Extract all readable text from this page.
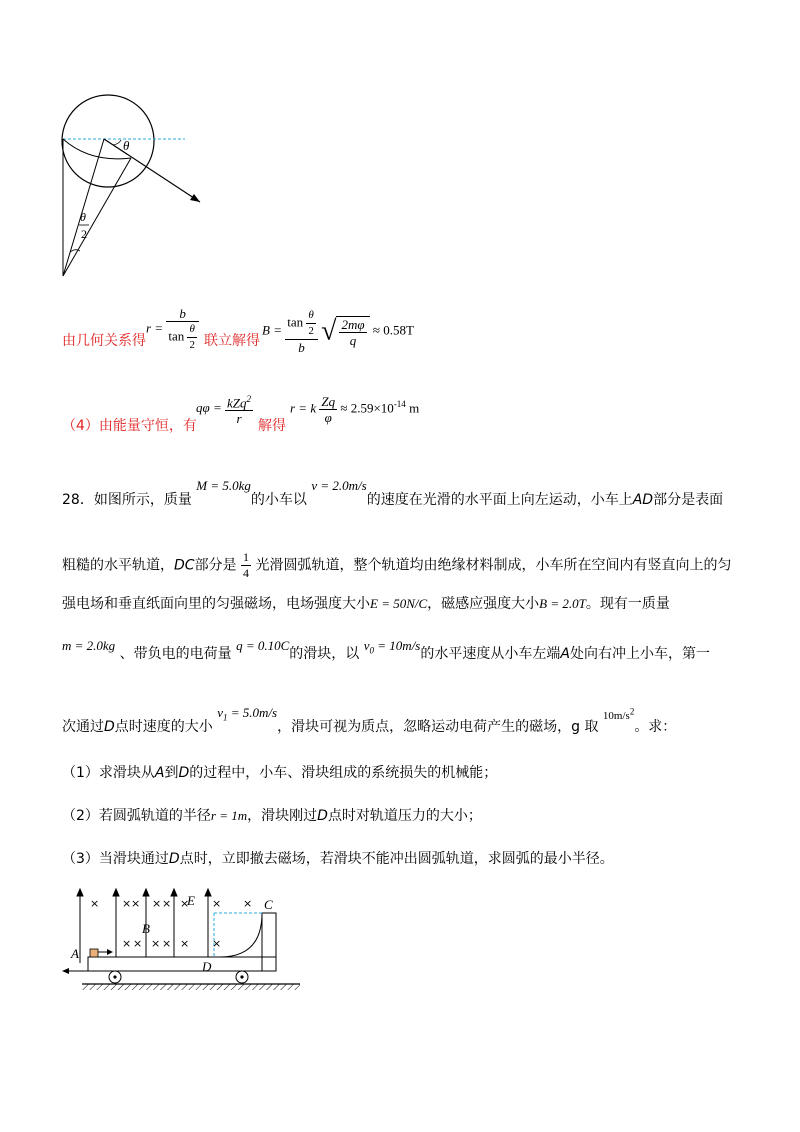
θ
θ
2
由几何关系得
$r = \frac{b}{\tan \frac{\theta}{2}}$ 联立解得
$B = \frac{\tan \frac{\theta}{2}}{b}$ √ $\frac{2m\varphi}{q} \approx 0.58T$
（4）由能量守恒，有
$q\varphi = \frac{kZq^2}{r}$ 解得
r = k $\frac{Zq}{\varphi} \approx 2.59\times 10^{-14}$ m
28．如图所示，质量 M = 5.0kg的小车以 v = 2.0m/s的速度在光滑的水平面上向左运动，小车上AD部分是表面
粗糙的水平轨道，DC部分是 $\frac{1}{4}$ 光滑圆弧轨道，整个轨道均由绝缘材料制成，小车所在空间内有竖直向上的匀
强电场和垂直纸面向里的匀强磁场，电场强度大小E = 50N/C，磁感应强度大小B = 2.0T。现有一质量
m = 2.0kg 、带负电的电荷量 q = 0.10C的滑块，以 $v_0 = 10m/s$的水平速度从小车左端A处向右冲上小车，第一
次通过D点时速度的大小 $v_1 = 5.0m/s$，滑块可视为质点，忽略运动电荷产生的磁场，g 取 $^{10m/s^2}$。求：
（1）求滑块从A到D的过程中，小车、滑块组成的系统损失的机械能；
（2）若圆弧轨道的半径r = 1m，滑块刚过D点时对轨道压力的大小；
（3）当滑块通过D点时，立即撤去磁场，若滑块不能冲出圆弧轨道，求圆弧的最小半径。
× × × × × × × ×
× × × × × ×
E
B
C
A
D
